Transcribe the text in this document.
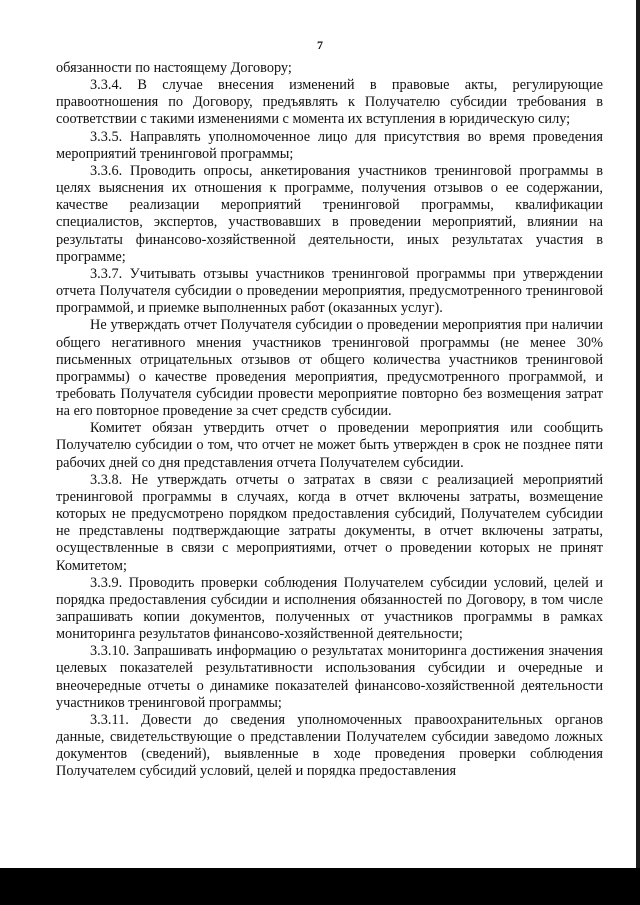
7

обязанности по настоящему Договору;

3.3.4. В случае внесения изменений в правовые акты, регулирующие правоотношения по Договору, предъявлять к Получателю субсидии требования в соответствии с такими изменениями с момента их вступления в юридическую силу;

3.3.5. Направлять уполномоченное лицо для присутствия во время проведения мероприятий тренинговой программы;

3.3.6. Проводить опросы, анкетирования участников тренинговой программы в целях выяснения их отношения к программе, получения отзывов о ее содержании, качестве реализации мероприятий тренинговой программы, квалификации специалистов, экспертов, участвовавших в проведении мероприятий, влиянии на результаты финансово-хозяйственной деятельности, иных результатах участия в программе;

3.3.7. Учитывать отзывы участников тренинговой программы при утверждении отчета Получателя субсидии о проведении мероприятия, предусмотренного тренинговой программой, и приемке выполненных работ (оказанных услуг).

Не утверждать отчет Получателя субсидии о проведении мероприятия при наличии общего негативного мнения участников тренинговой программы (не менее 30% письменных отрицательных отзывов от общего количества участников тренинговой программы) о качестве проведения мероприятия, предусмотренного программой, и требовать Получателя субсидии провести мероприятие повторно без возмещения затрат на его повторное проведение за счет средств субсидии.

Комитет обязан утвердить отчет о проведении мероприятия или сообщить Получателю субсидии о том, что отчет не может быть утвержден в срок не позднее пяти рабочих дней со дня представления отчета Получателем субсидии.

3.3.8. Не утверждать отчеты о затратах в связи с реализацией мероприятий тренинговой программы в случаях, когда в отчет включены затраты, возмещение которых не предусмотрено порядком предоставления субсидий, Получателем субсидии не представлены подтверждающие затраты документы, в отчет включены затраты, осуществленные в связи с мероприятиями, отчет о проведении которых не принят Комитетом;

3.3.9. Проводить проверки соблюдения Получателем субсидии условий, целей и порядка предоставления субсидии и исполнения обязанностей по Договору, в том числе запрашивать копии документов, полученных от участников программы в рамках мониторинга результатов финансово-хозяйственной деятельности;

3.3.10. Запрашивать информацию о результатах мониторинга достижения значения целевых показателей результативности использования субсидии и очередные и внеочередные отчеты о динамике показателей финансово-хозяйственной деятельности участников тренинговой программы;

3.3.11. Довести до сведения уполномоченных правоохранительных органов данные, свидетельствующие о представлении Получателем субсидии заведомо ложных документов (сведений), выявленные в ходе проведения проверки соблюдения Получателем субсидий условий, целей и порядка предоставления
